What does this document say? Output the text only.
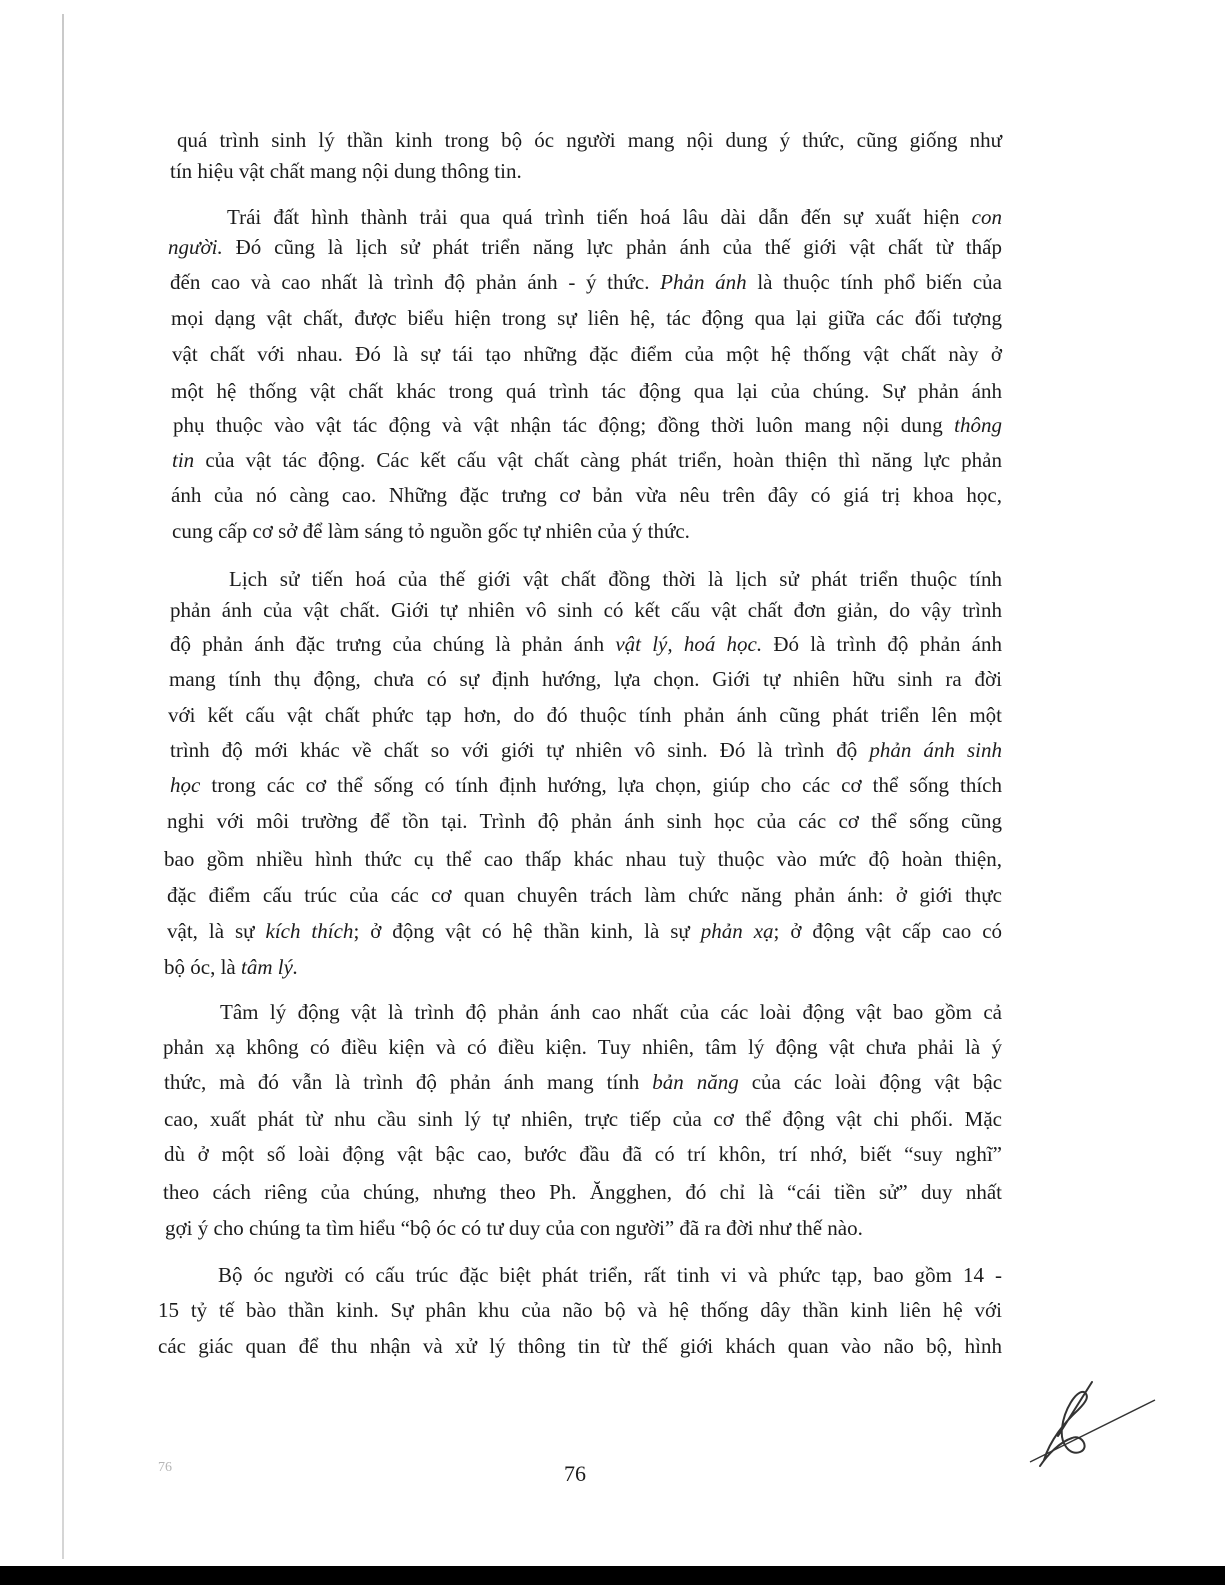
quá trình sinh lý thần kinh trong bộ óc người mang nội dung ý thức, cũng giống như
tín hiệu vật chất mang nội dung thông tin.
Trái đất hình thành trải qua quá trình tiến hoá lâu dài dẫn đến sự xuất hiện con
người. Đó cũng là lịch sử phát triển năng lực phản ánh của thế giới vật chất từ thấp
đến cao và cao nhất là trình độ phản ánh - ý thức. Phản ánh là thuộc tính phổ biến của
mọi dạng vật chất, được biểu hiện trong sự liên hệ, tác động qua lại giữa các đối tượng
vật chất với nhau. Đó là sự tái tạo những đặc điểm của một hệ thống vật chất này ở
một hệ thống vật chất khác trong quá trình tác động qua lại của chúng. Sự phản ánh
phụ thuộc vào vật tác động và vật nhận tác động; đồng thời luôn mang nội dung thông
tin của vật tác động. Các kết cấu vật chất càng phát triển, hoàn thiện thì năng lực phản
ánh của nó càng cao. Những đặc trưng cơ bản vừa nêu trên đây có giá trị khoa học,
cung cấp cơ sở để làm sáng tỏ nguồn gốc tự nhiên của ý thức.
Lịch sử tiến hoá của thế giới vật chất đồng thời là lịch sử phát triển thuộc tính
phản ánh của vật chất. Giới tự nhiên vô sinh có kết cấu vật chất đơn giản, do vậy trình
độ phản ánh đặc trưng của chúng là phản ánh vật lý, hoá học. Đó là trình độ phản ánh
mang tính thụ động, chưa có sự định hướng, lựa chọn. Giới tự nhiên hữu sinh ra đời
với kết cấu vật chất phức tạp hơn, do đó thuộc tính phản ánh cũng phát triển lên một
trình độ mới khác về chất so với giới tự nhiên vô sinh. Đó là trình độ phản ánh sinh
học trong các cơ thể sống có tính định hướng, lựa chọn, giúp cho các cơ thể sống thích
nghi với môi trường để tồn tại. Trình độ phản ánh sinh học của các cơ thể sống cũng
bao gồm nhiều hình thức cụ thể cao thấp khác nhau tuỳ thuộc vào mức độ hoàn thiện,
đặc điểm cấu trúc của các cơ quan chuyên trách làm chức năng phản ánh: ở giới thực
vật, là sự kích thích; ở động vật có hệ thần kinh, là sự phản xạ; ở động vật cấp cao có
bộ óc, là tâm lý.
Tâm lý động vật là trình độ phản ánh cao nhất của các loài động vật bao gồm cả
phản xạ không có điều kiện và có điều kiện. Tuy nhiên, tâm lý động vật chưa phải là ý
thức, mà đó vẫn là trình độ phản ánh mang tính bản năng của các loài động vật bậc
cao, xuất phát từ nhu cầu sinh lý tự nhiên, trực tiếp của cơ thể động vật chi phối. Mặc
dù ở một số loài động vật bậc cao, bước đầu đã có trí khôn, trí nhớ, biết “suy nghĩ”
theo cách riêng của chúng, nhưng theo Ph. Ăngghen, đó chỉ là “cái tiền sử” duy nhất
gợi ý cho chúng ta tìm hiểu “bộ óc có tư duy của con người” đã ra đời như thế nào.
Bộ óc người có cấu trúc đặc biệt phát triển, rất tinh vi và phức tạp, bao gồm 14 -
15 tỷ tế bào thần kinh. Sự phân khu của não bộ và hệ thống dây thần kinh liên hệ với
các giác quan để thu nhận và xử lý thông tin từ thế giới khách quan vào não bộ, hình
76
76
